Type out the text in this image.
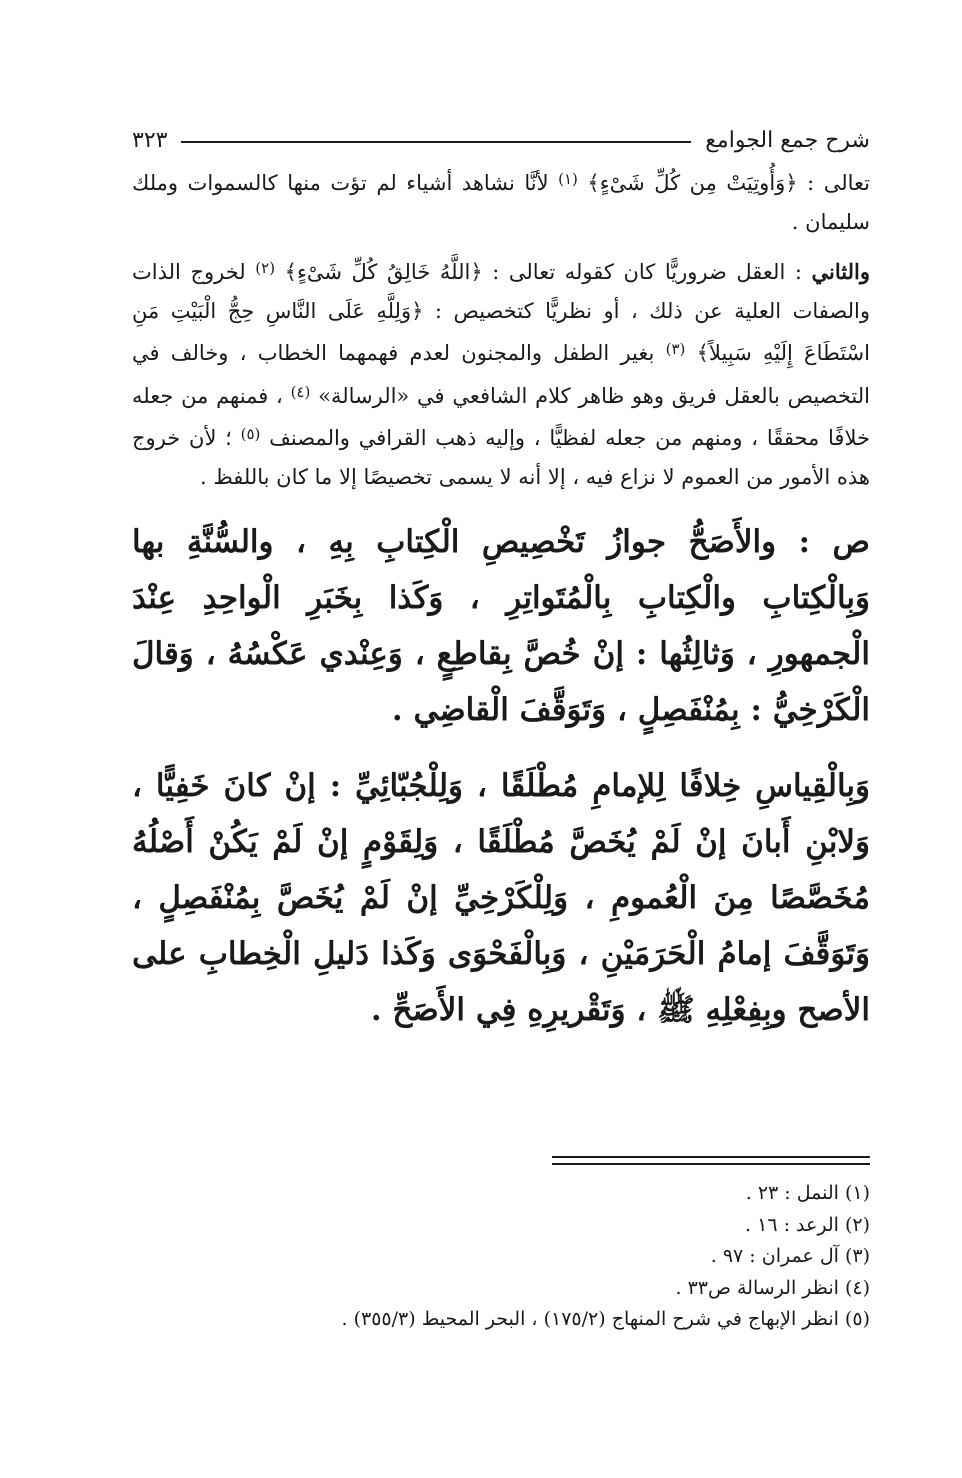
شرح جمع الجوامع
٣٢٣

تعالى : ﴿وَأُوتِيَتْ مِن كُلِّ شَىْءٍ﴾ $^{(١)}$ لأنَّا نشاهد أشياء لم تؤت منها كالسموات وملك سليمان .

والثاني : العقل ضروريًّا كان كقوله تعالى : ﴿اللَّهُ خَالِقُ كُلِّ شَىْءٍ﴾ $^{(٢)}$ لخروج الذات والصفات العلية عن ذلك ، أو نظريًّا كتخصيص : ﴿وَلِلَّهِ عَلَى النَّاسِ حِجُّ الْبَيْتِ مَنِ اسْتَطَاعَ إِلَيْهِ سَبِيلاً﴾ $^{(٣)}$ بغير الطفل والمجنون لعدم فهمهما الخطاب ، وخالف في التخصيص بالعقل فريق وهو ظاهر كلام الشافعي في «الرسالة» $^{(٤)}$ ، فمنهم من جعله خلافًا محققًا ، ومنهم من جعله لفظيًّا ، وإليه ذهب القرافي والمصنف $^{(٥)}$ ؛ لأن خروج هذه الأمور من العموم لا نزاع فيه ، إلا أنه لا يسمى تخصيصًا إلا ما كان باللفظ .

ص : والأَصَحُّ جوازُ تَخْصِيصِ الْكِتابِ بِهِ ، والسُّنَّةِ بها وَبِالْكِتابِ والْكِتابِ بِالْمُتَواتِرِ ، وَكَذا بِخَبَرِ الْواحِدِ عِنْدَ الْجمهورِ ، وَثالِثُها : إنْ خُصَّ بِقاطِعٍ ، وَعِنْدي عَكْسُهُ ، وَقالَ الْكَرْخِيُّ : بِمُنْفَصِلٍ ، وَتَوَقَّفَ الْقاضِي .

وَبِالْقِياسِ خِلافًا لِلإمامِ مُطْلَقًا ، وَلِلْجُبّائِيِّ : إنْ كانَ خَفِيًّا ، وَلابْنِ أَبانَ إنْ لَمْ يُخَصَّ مُطْلَقًا ، وَلِقَوْمٍ إنْ لَمْ يَكُنْ أَصْلُهُ مُخَصَّصًا مِنَ الْعُمومِ ، وَلِلْكَرْخِيِّ إنْ لَمْ يُخَصَّ بِمُنْفَصِلٍ ، وَتَوَقَّفَ إمامُ الْحَرَمَيْنِ ، وَبِالْفَحْوَى وَكَذا دَليلِ الْخِطابِ على الأصح وبِفِعْلِهِ ﷺ ، وَتَقْريرِهِ فِي الأَصَحِّ .

(١) النمل : ٢٣ .
(٢) الرعد : ١٦ .
(٣) آل عمران : ٩٧ .
(٤) انظر الرسالة ص٣٣ .
(٥) انظر الإبهاج في شرح المنهاج (١٧٥/٢) ، البحر المحيط (٣٥٥/٣) .
